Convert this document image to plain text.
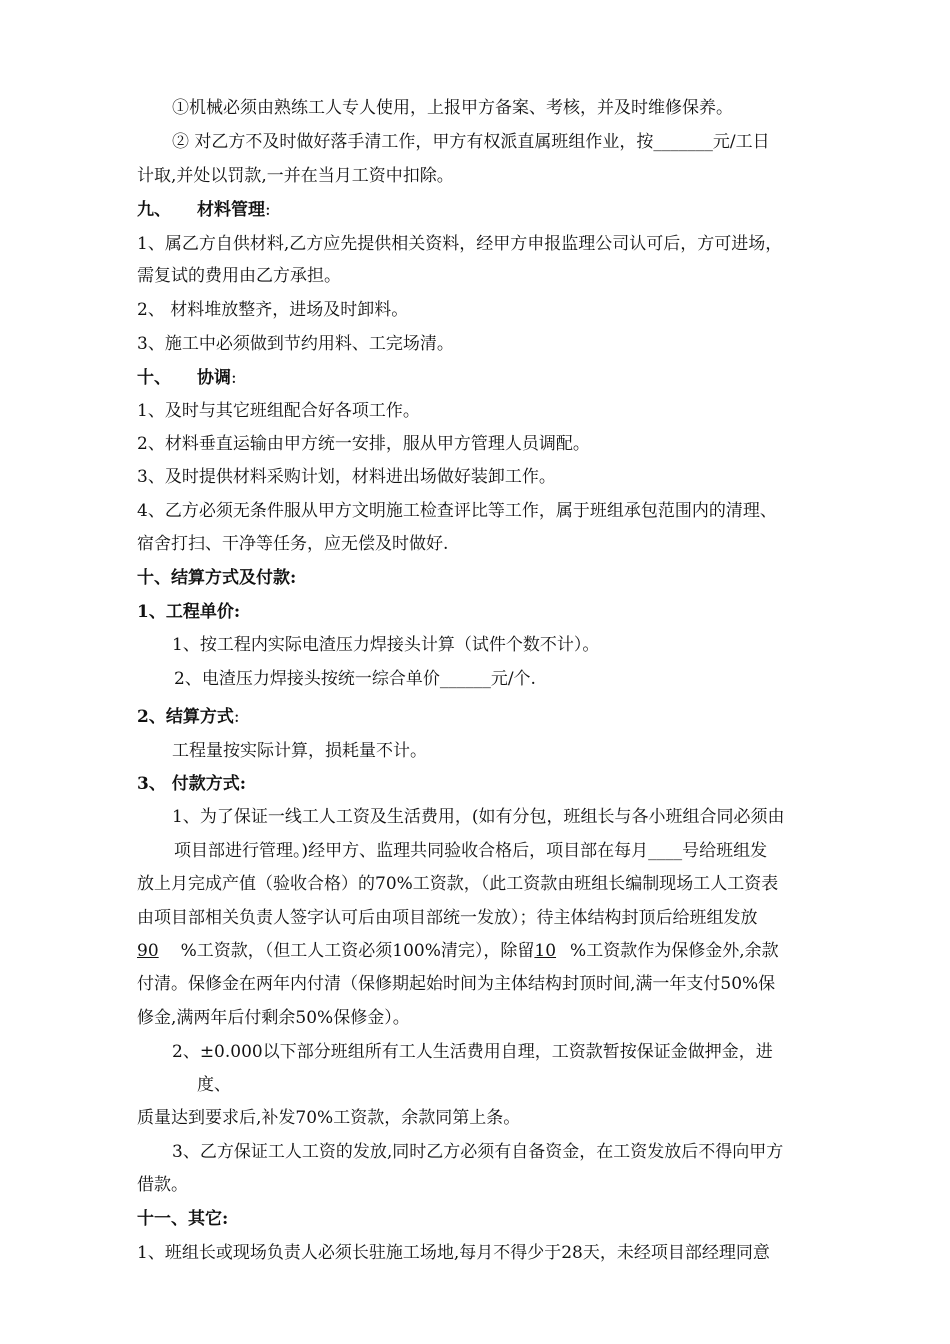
①机械必须由熟练工人专人使用，上报甲方备案、考核，并及时维修保养。
② 对乙方不及时做好落手清工作，甲方有权派直属班组作业，按_______元/工日
计取,并处以罚款,一并在当月工资中扣除。
九、 材料管理:
1、属乙方自供材料,乙方应先提供相关资料，经甲方申报监理公司认可后，方可进场，
需复试的费用由乙方承担。
2、 材料堆放整齐，进场及时卸料。
3、施工中必须做到节约用料、工完场清。
十、 协调:
1、及时与其它班组配合好各项工作。
2、材料垂直运输由甲方统一安排，服从甲方管理人员调配。
3、及时提供材料采购计划，材料进出场做好装卸工作。
4、乙方必须无条件服从甲方文明施工检查评比等工作，属于班组承包范围内的清理、
宿舍打扫、干净等任务，应无偿及时做好.
十、结算方式及付款:
1、工程单价:
1、按工程内实际电渣压力焊接头计算（试件个数不计）。
2、电渣压力焊接头按统一综合单价______元/个.
2、结算方式:
工程量按实际计算，损耗量不计。
3、 付款方式:
1、为了保证一线工人工资及生活费用，(如有分包，班组长与各小班组合同必须由
项目部进行管理。)经甲方、监理共同验收合格后，项目部在每月____号给班组发
放上月完成产值（验收合格）的70%工资款，（此工资款由班组长编制现场工人工资表
由项目部相关负责人签字认可后由项目部统一发放）；待主体结构封顶后给班组发放
90 %工资款，（但工人工资必须100%清完），除留10 %工资款作为保修金外,余款
付清。保修金在两年内付清（保修期起始时间为主体结构封顶时间,满一年支付50%保
修金,满两年后付剩余50%保修金）。
2、±0.000以下部分班组所有工人生活费用自理，工资款暂按保证金做押金，进
度、
质量达到要求后,补发70%工资款，余款同第上条。
3、乙方保证工人工资的发放,同时乙方必须有自备资金，在工资发放后不得向甲方
借款。
十一、其它:
1、班组长或现场负责人必须长驻施工场地,每月不得少于28天，未经项目部经理同意
